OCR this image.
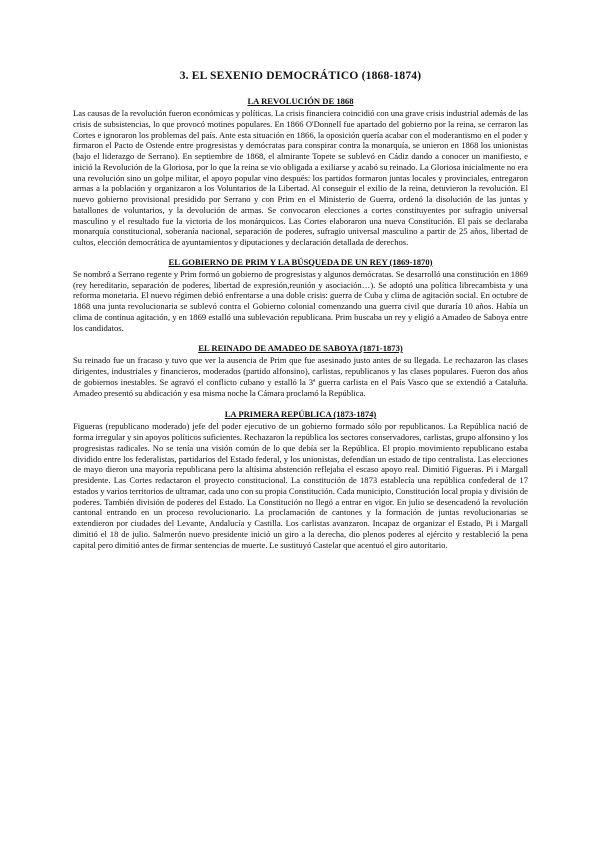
3. EL SEXENIO DEMOCRÁTICO (1868-1874)
LA REVOLUCIÓN DE 1868

Las causas de la revolución fueron económicas y políticas. La crisis financiera coincidió con una grave crisis industrial además de las crisis de subsistencias, lo que provocó motines populares. En 1866 O'Donnell fue apartado del gobierno por la reina, se cerraron las Cortes e ignoraron los problemas del país. Ante esta situación en 1866, la oposición quería acabar con el moderantismo en el poder y firmaron el Pacto de Ostende entre progresistas y demócratas para conspirar contra la monarquía, se unieron en 1868 los unionistas (bajo el liderazgo de Serrano). En septiembre de 1868, el almirante Topete se sublevó en Cádiz dando a conocer un manifiesto, e inició la Revolución de la Gloriosa, por lo que la reina se vio obligada a exiliarse y acabó su reinado. La Gloriosa inicialmente no era una revolución sino un golpe militar, el apoyo popular vino después: los partidos formaron juntas locales y provinciales, entregaron armas a la población y organizaron a los Voluntarios de la Libertad. Al conseguir el exilio de la reina, detuvieron la revolución. El nuevo gobierno provisional presidido por Serrano y con Prim en el Ministerio de Guerra, ordenó la disolución de las juntas y batallones de voluntarios, y la devolución de armas. Se convocaron elecciones a cortes constituyentes por sufragio universal masculino y el resultado fue la victoria de los monárquicos. Las Cortes elaboraron una nueva Constitución. El país se declaraba monarquía constitucional, soberanía nacional, separación de poderes, sufragio universal masculino a partir de 25 años, libertad de cultos, elección democrática de ayuntamientos y diputaciones y declaración detallada de derechos.

EL GOBIERNO DE PRIM Y LA BÚSQUEDA DE UN REY (1869-1870)

Se nombró a Serrano regente y Prim formó un gobierno de progresistas y algunos demócratas. Se desarrolló una constitución en 1869 (rey hereditario, separación de poderes, libertad de expresión,reunión y asociación…). Se adoptó una política librecambista y una reforma monetaria. El nuevo régimen debió enfrentarse a una doble crisis: guerra de Cuba y clima de agitación social. En octubre de 1868 una junta revolucionaria se sublevó contra el Gobierno colonial comenzando una guerra civil que duraría 10 años. Había un clima de continua agitación, y en 1869 estalló una sublevación republicana. Prim buscaba un rey y eligió a Amadeo de Saboya entre los candidatos.

EL REINADO DE AMADEO DE SABOYA (1871-1873)

Su reinado fue un fracaso y tuvo que ver la ausencia de Prim que fue asesinado justo antes de su llegada. Le rechazaron las clases dirigentes, industriales y financieros, moderados (partido alfonsino), carlistas, republicanos y las clases populares. Fueron dos años de gobiernos inestables. Se agravó el conflicto cubano y estalló la 3ª guerra carlista en el País Vasco que se extendió a Cataluña. Amadeo presentó su abdicación y esa misma noche la Cámara proclamó la República.

LA PRIMERA REPÚBLICA (1873-1874)

Figueras (republicano moderado) jefe del poder ejecutivo de un gobierno formado sólo por republicanos. La República nació de forma irregular y sin apoyos políticos suficientes. Rechazaron la república los sectores conservadores, carlistas, grupo alfonsino y los progresistas radicales. No se tenía una visión común de lo que debía ser la República. El propio movimiento republicano estaba dividido entre los federalistas, partidarios del Estado federal, y los unionistas, defendían un estado de tipo centralista. Las elecciones de mayo dieron una mayoría republicana pero la altísima abstención reflejaba el escaso apoyo real. Dimitió Figueras. Pi i Margall presidente. Las Cortes redactaron el proyecto constitucional. La constitución de 1873 establecía una república confederal de 17 estados y varios territorios de ultramar, cada uno con su propia Constitución. Cada municipio, Constitución local propia y división de poderes. También división de poderes del Estado. La Constitución no llegó a entrar en vigor. En julio se desencadenó la revolución cantonal entrando en un proceso revolucionario. La proclamación de cantones y la formación de juntas revolucionarias se extendieron por ciudades del Levante, Andalucía y Castilla. Los carlistas avanzaron. Incapaz de organizar el Estado, Pi i Margall dimitió el 18 de julio. Salmerón nuevo presidente inició un giro a la derecha, dio plenos poderes al ejército y restableció la pena capital pero dimitió antes de firmar sentencias de muerte. Le sustituyó Castelar que acentuó el giro autoritario.
